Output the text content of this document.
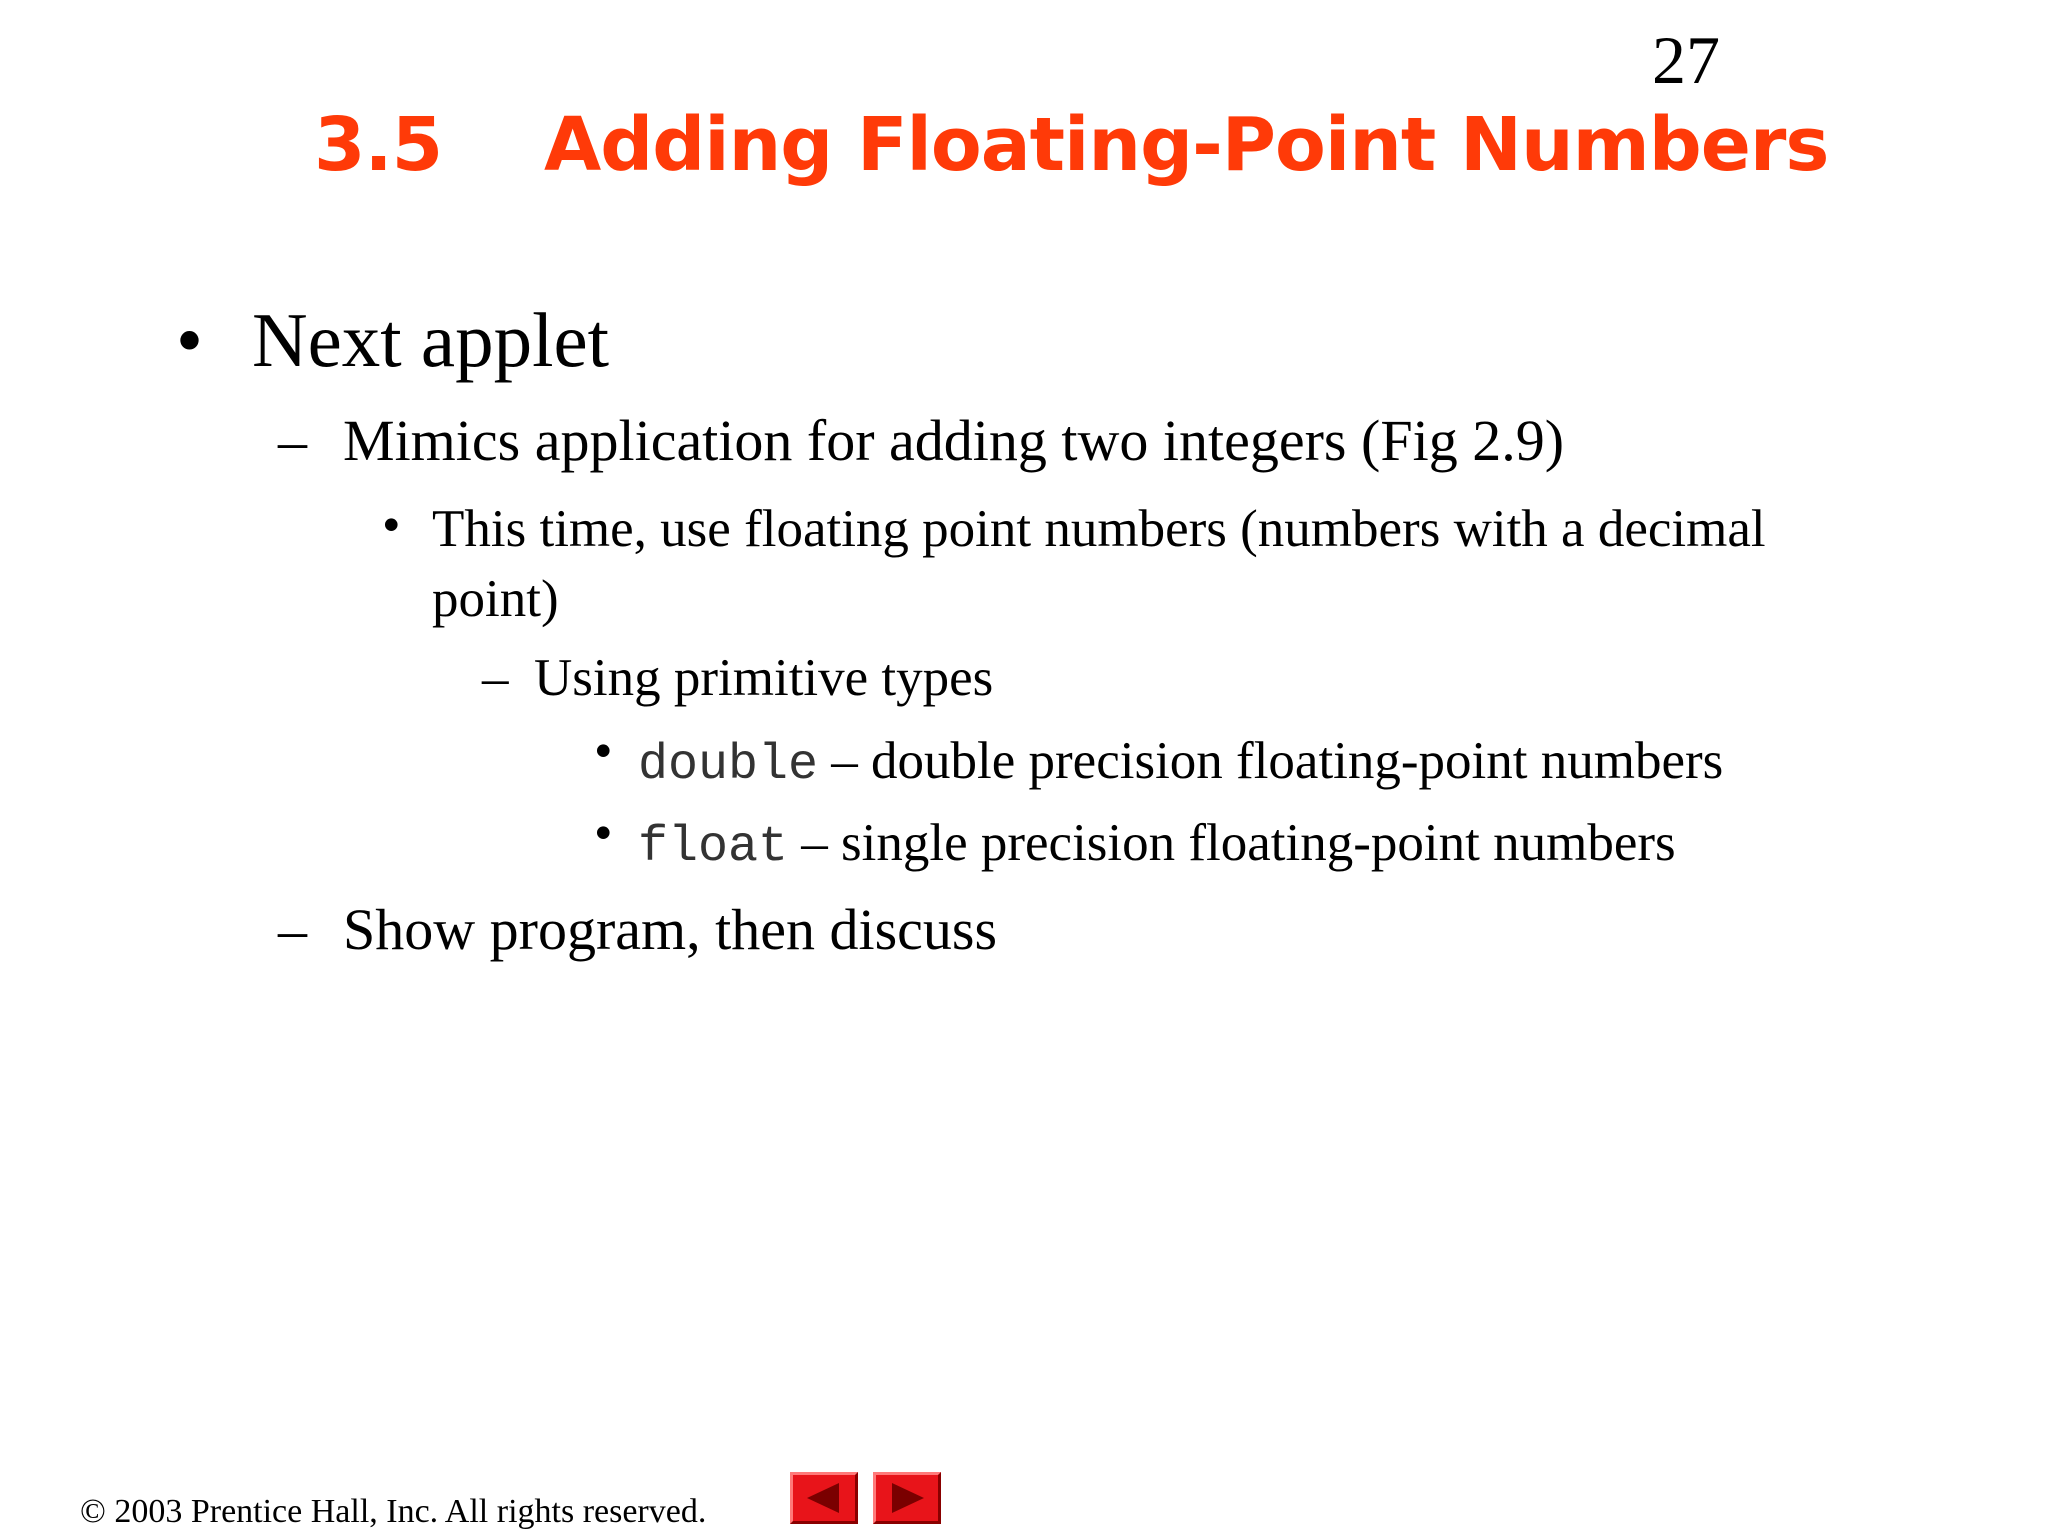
27
3.5 Adding Floating-Point Numbers
• Next applet
– Mimics application for adding two integers (Fig 2.9)
• This time, use floating point numbers (numbers with a decimal
point)
– Using primitive types
• double – double precision floating-point numbers
• float – single precision floating-point numbers
– Show program, then discuss
© 2003 Prentice Hall, Inc. All rights reserved.
